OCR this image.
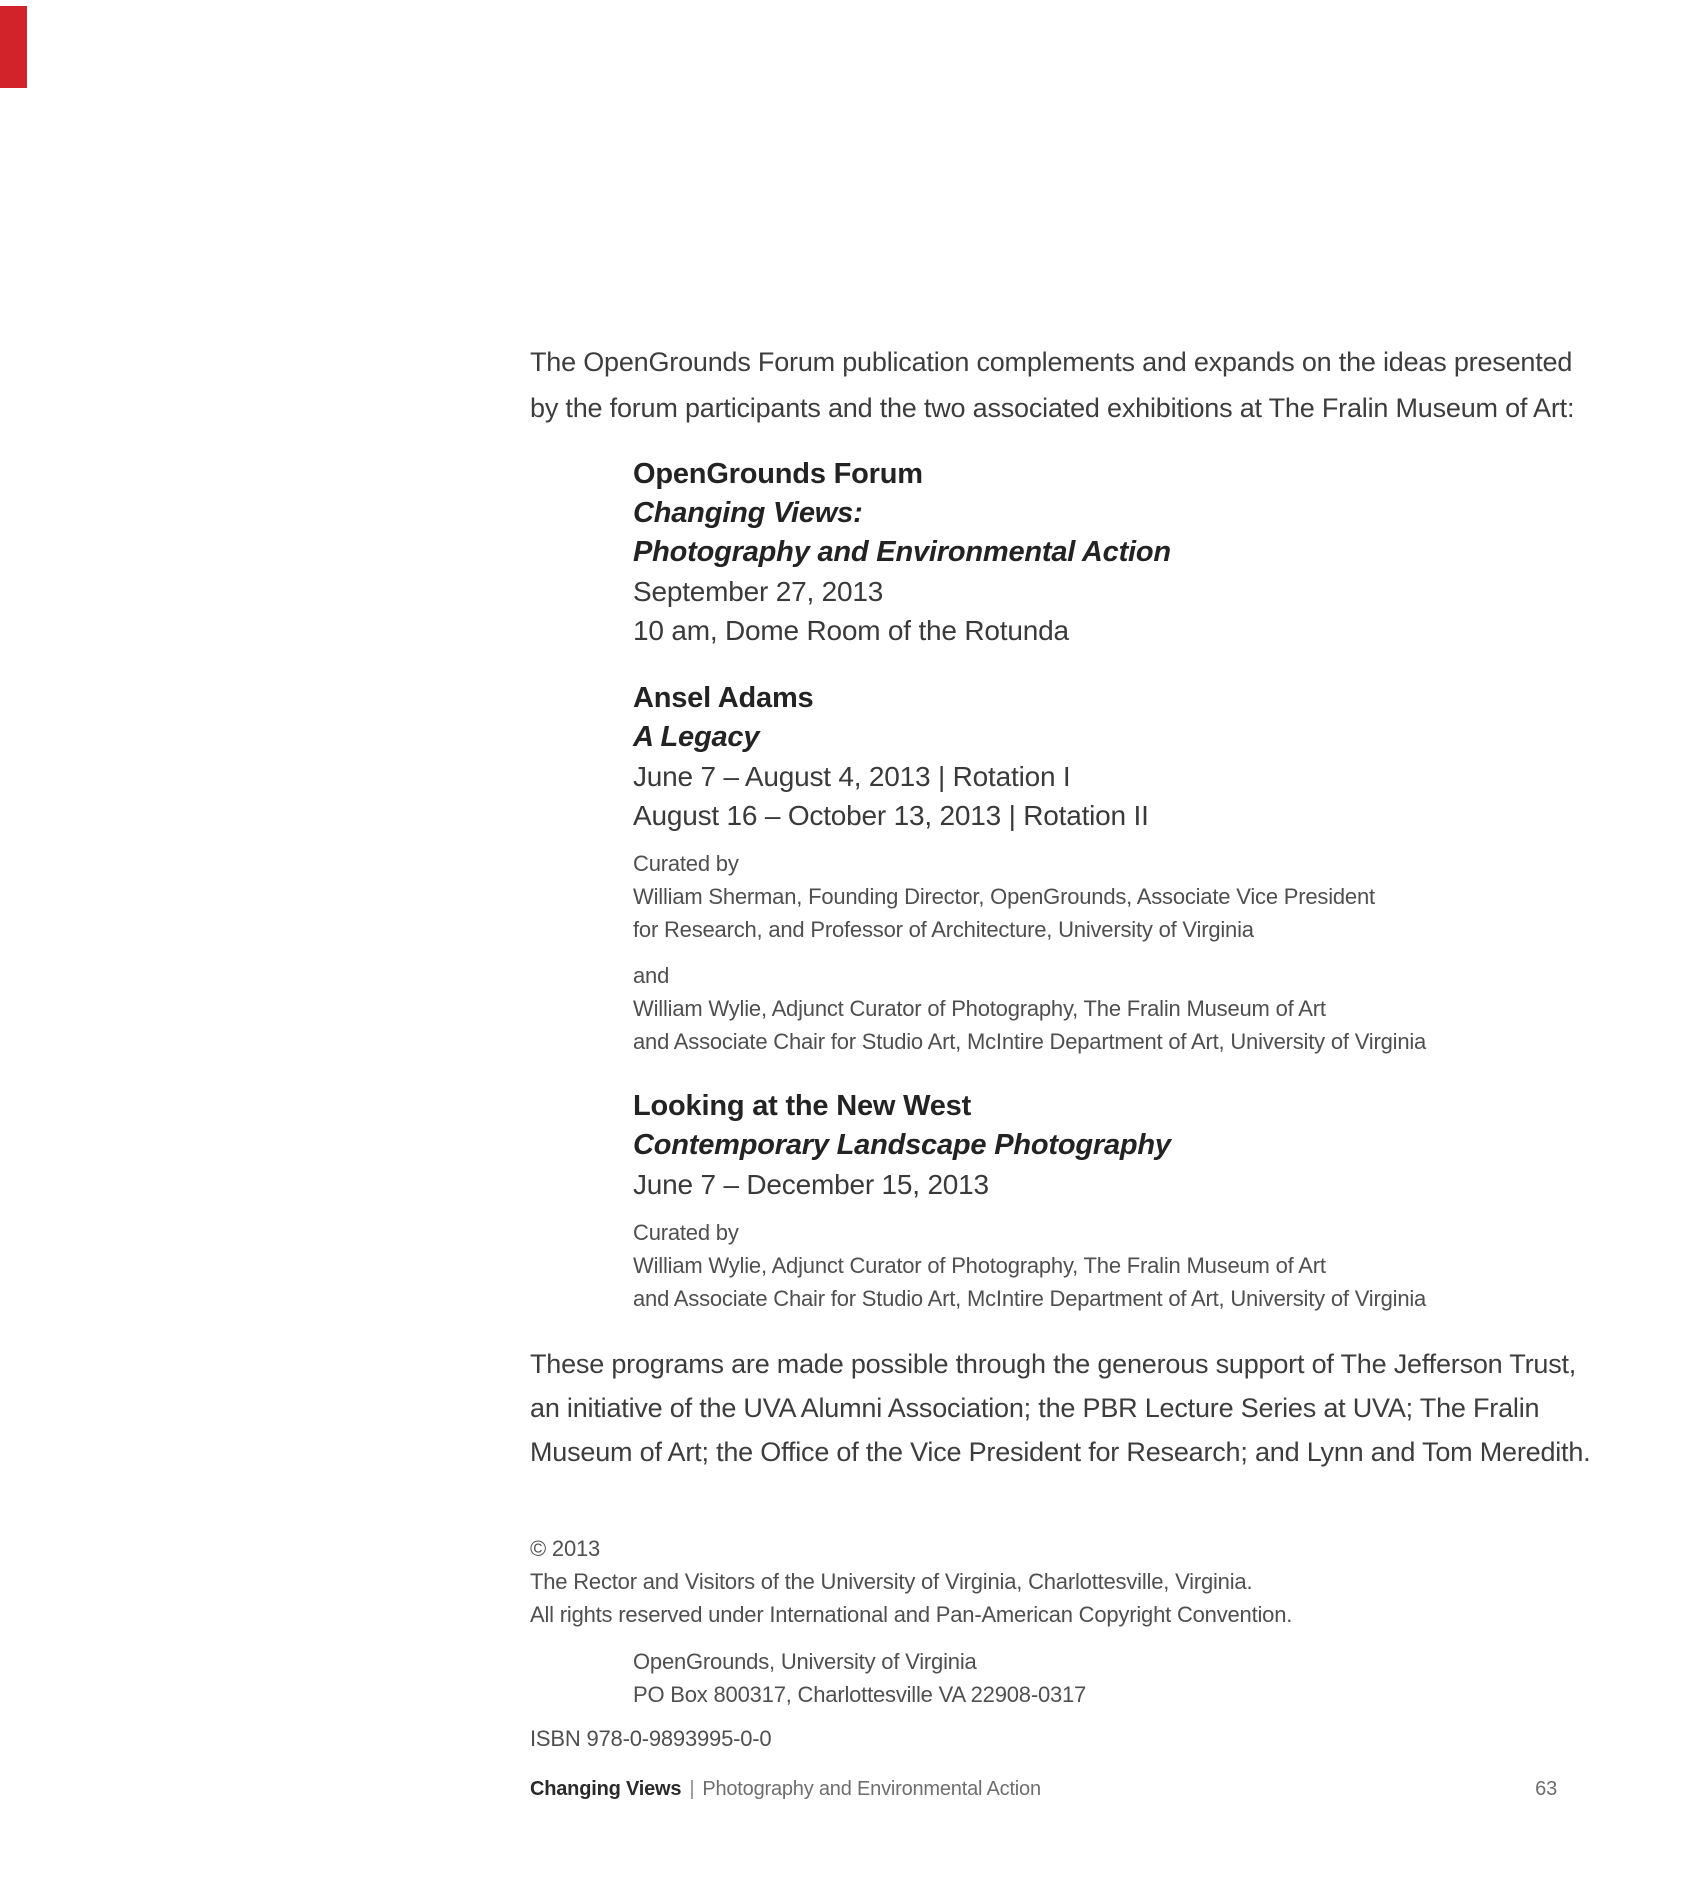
The OpenGrounds Forum publication complements and expands on the ideas presented
by the forum participants and the two associated exhibitions at The Fralin Museum of Art:
OpenGrounds Forum
Changing Views:
Photography and Environmental Action
September 27, 2013
10 am, Dome Room of the Rotunda
Ansel Adams
A Legacy
June 7 – August 4, 2013 | Rotation I
August 16 – October 13, 2013 | Rotation II
Curated by
William Sherman, Founding Director, OpenGrounds, Associate Vice President
for Research, and Professor of Architecture, University of Virginia
and
William Wylie, Adjunct Curator of Photography, The Fralin Museum of Art
and Associate Chair for Studio Art, McIntire Department of Art, University of Virginia
Looking at the New West
Contemporary Landscape Photography
June 7 – December 15, 2013
Curated by
William Wylie, Adjunct Curator of Photography, The Fralin Museum of Art
and Associate Chair for Studio Art, McIntire Department of Art, University of Virginia
These programs are made possible through the generous support of The Jefferson Trust,
an initiative of the UVA Alumni Association; the PBR Lecture Series at UVA; The Fralin
Museum of Art; the Office of the Vice President for Research; and Lynn and Tom Meredith.
© 2013
The Rector and Visitors of the University of Virginia, Charlottesville, Virginia.
All rights reserved under International and Pan-American Copyright Convention.
OpenGrounds, University of Virginia
PO Box 800317, Charlottesville VA 22908-0317
ISBN 978-0-9893995-0-0
Changing Views | Photography and Environmental Action	63
